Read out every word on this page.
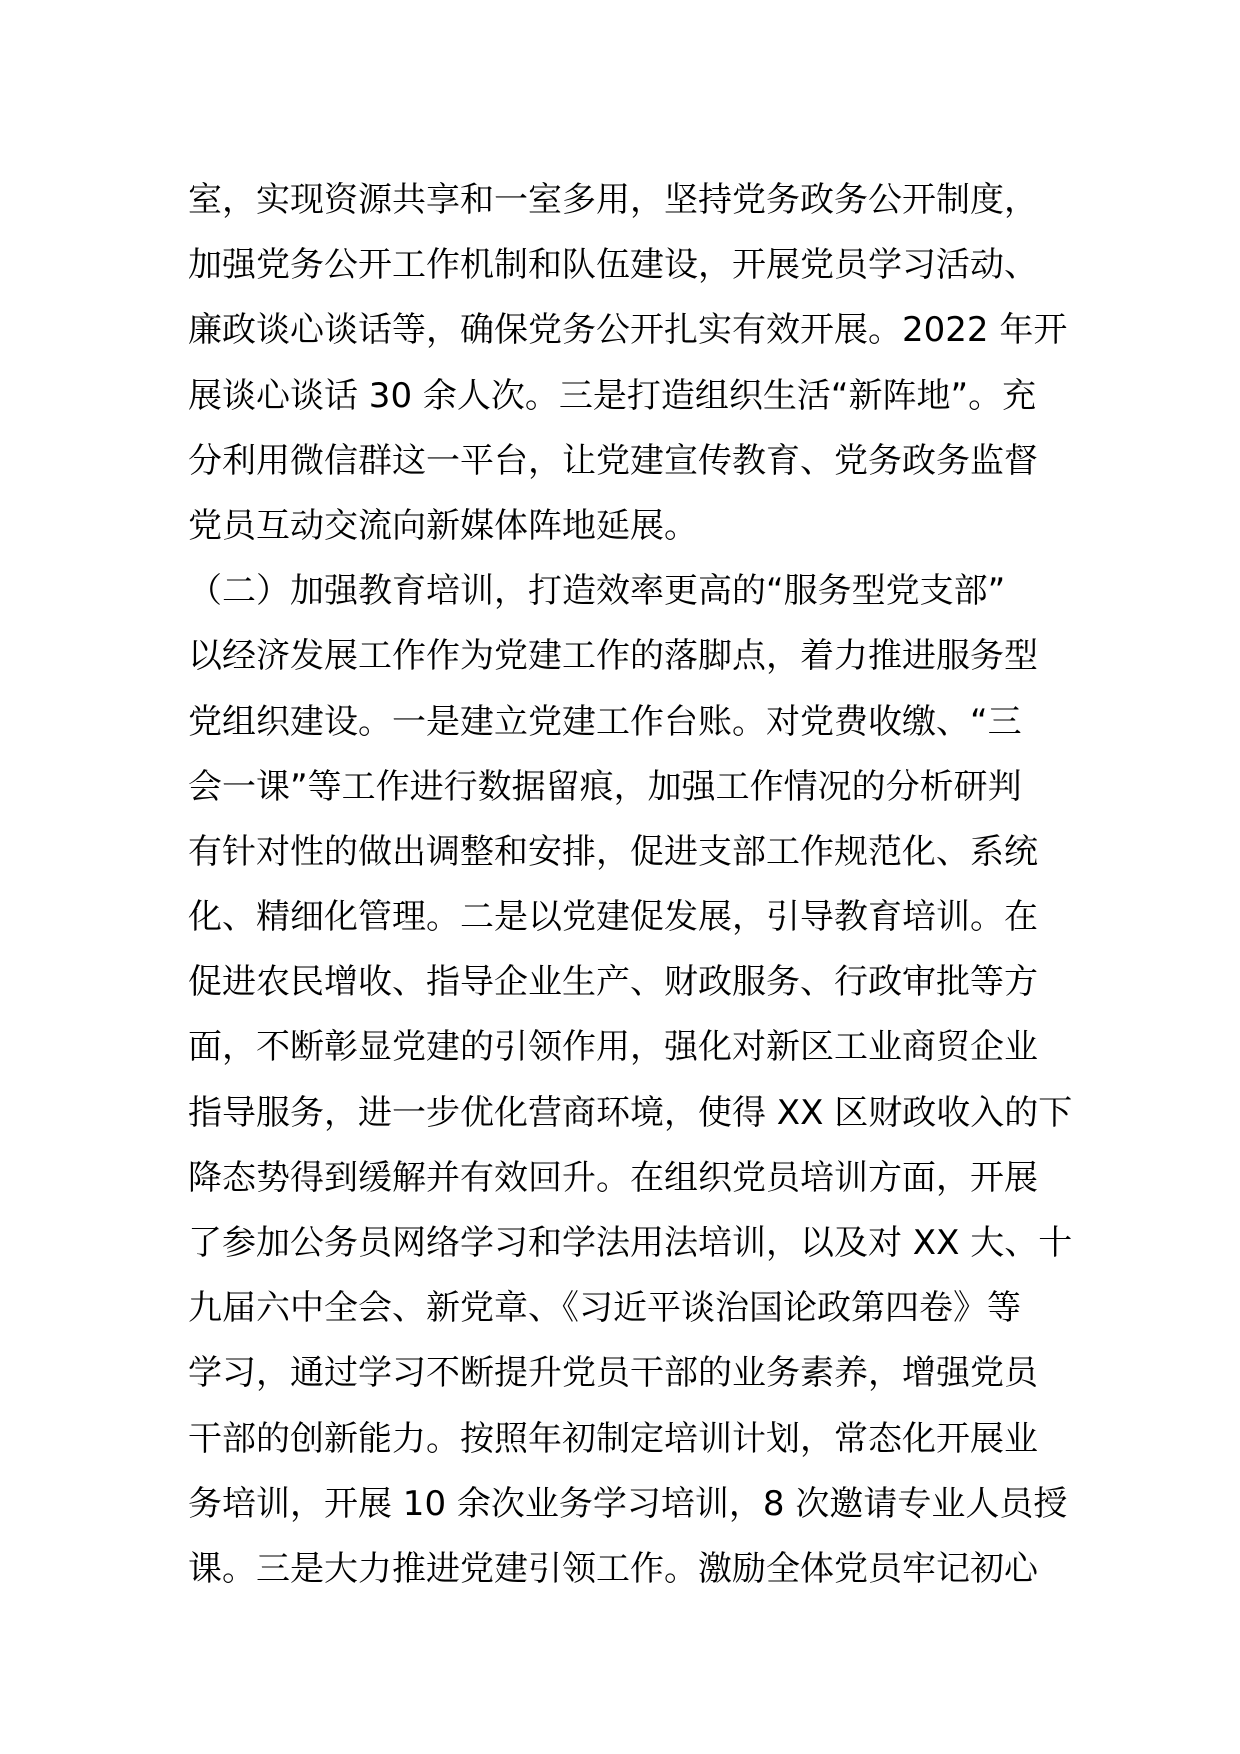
室，实现资源共享和一室多用，坚持党务政务公开制度，
加强党务公开工作机制和队伍建设，开展党员学习活动、
廉政谈心谈话等，确保党务公开扎实有效开展。2022 年开
展谈心谈话 30 余人次。三是打造组织生活“新阵地”。充
分利用微信群这一平台，让党建宣传教育、党务政务监督
党员互动交流向新媒体阵地延展。
（二）加强教育培训，打造效率更高的“服务型党支部”
以经济发展工作作为党建工作的落脚点，着力推进服务型
党组织建设。一是建立党建工作台账。对党费收缴、“三
会一课”等工作进行数据留痕，加强工作情况的分析研判
有针对性的做出调整和安排，促进支部工作规范化、系统
化、精细化管理。二是以党建促发展，引导教育培训。在
促进农民增收、指导企业生产、财政服务、行政审批等方
面，不断彰显党建的引领作用，强化对新区工业商贸企业
指导服务，进一步优化营商环境，使得 XX 区财政收入的下
降态势得到缓解并有效回升。在组织党员培训方面，开展
了参加公务员网络学习和学法用法培训，以及对 XX 大、十
九届六中全会、新党章、《习近平谈治国论政第四卷》等
学习，通过学习不断提升党员干部的业务素养，增强党员
干部的创新能力。按照年初制定培训计划，常态化开展业
务培训，开展 10 余次业务学习培训，8 次邀请专业人员授
课。三是大力推进党建引领工作。激励全体党员牢记初心
